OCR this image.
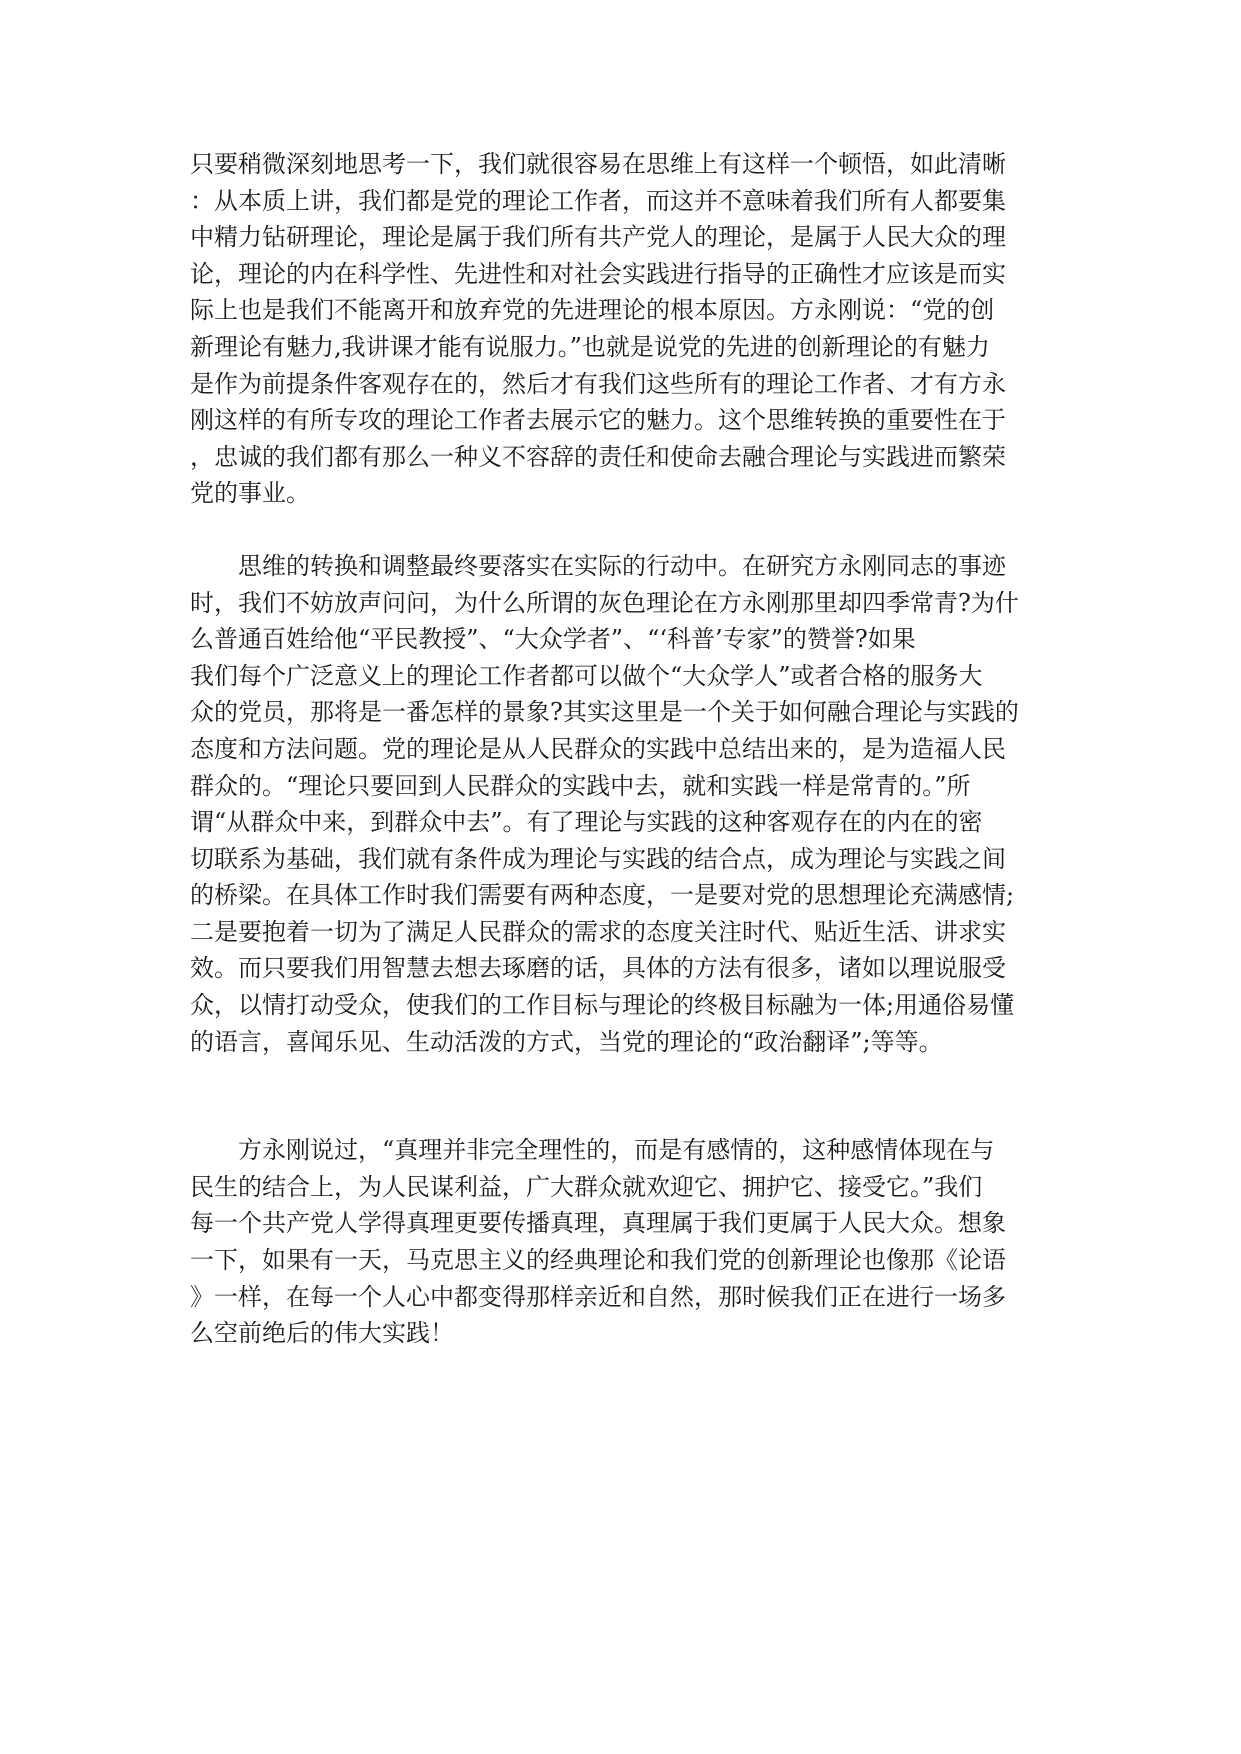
只要稍微深刻地思考一下，我们就很容易在思维上有这样一个顿悟，如此清晰
：从本质上讲，我们都是党的理论工作者，而这并不意味着我们所有人都要集
中精力钻研理论，理论是属于我们所有共产党人的理论，是属于人民大众的理
论，理论的内在科学性、先进性和对社会实践进行指导的正确性才应该是而实
际上也是我们不能离开和放弃党的先进理论的根本原因。方永刚说：“党的创
新理论有魅力,我讲课才能有说服力。”也就是说党的先进的创新理论的有魅力
是作为前提条件客观存在的，然后才有我们这些所有的理论工作者、才有方永
刚这样的有所专攻的理论工作者去展示它的魅力。这个思维转换的重要性在于
，忠诚的我们都有那么一种义不容辞的责任和使命去融合理论与实践进而繁荣
党的事业。
　　思维的转换和调整最终要落实在实际的行动中。在研究方永刚同志的事迹
时，我们不妨放声问问，为什么所谓的灰色理论在方永刚那里却四季常青?为什
么普通百姓给他“平民教授”、“大众学者”、“‘科普’专家”的赞誉?如果
我们每个广泛意义上的理论工作者都可以做个“大众学人”或者合格的服务大
众的党员，那将是一番怎样的景象?其实这里是一个关于如何融合理论与实践的
态度和方法问题。党的理论是从人民群众的实践中总结出来的，是为造福人民
群众的。“理论只要回到人民群众的实践中去，就和实践一样是常青的。”所
谓“从群众中来，到群众中去”。有了理论与实践的这种客观存在的内在的密
切联系为基础，我们就有条件成为理论与实践的结合点，成为理论与实践之间
的桥梁。在具体工作时我们需要有两种态度，一是要对党的思想理论充满感情;
二是要抱着一切为了满足人民群众的需求的态度关注时代、贴近生活、讲求实
效。而只要我们用智慧去想去琢磨的话，具体的方法有很多，诸如以理说服受
众，以情打动受众，使我们的工作目标与理论的终极目标融为一体;用通俗易懂
的语言，喜闻乐见、生动活泼的方式，当党的理论的“政治翻译”;等等。
　　方永刚说过，“真理并非完全理性的，而是有感情的，这种感情体现在与
民生的结合上，为人民谋利益，广大群众就欢迎它、拥护它、接受它。”我们
每一个共产党人学得真理更要传播真理，真理属于我们更属于人民大众。想象
一下，如果有一天，马克思主义的经典理论和我们党的创新理论也像那《论语
》一样，在每一个人心中都变得那样亲近和自然，那时候我们正在进行一场多
么空前绝后的伟大实践！
